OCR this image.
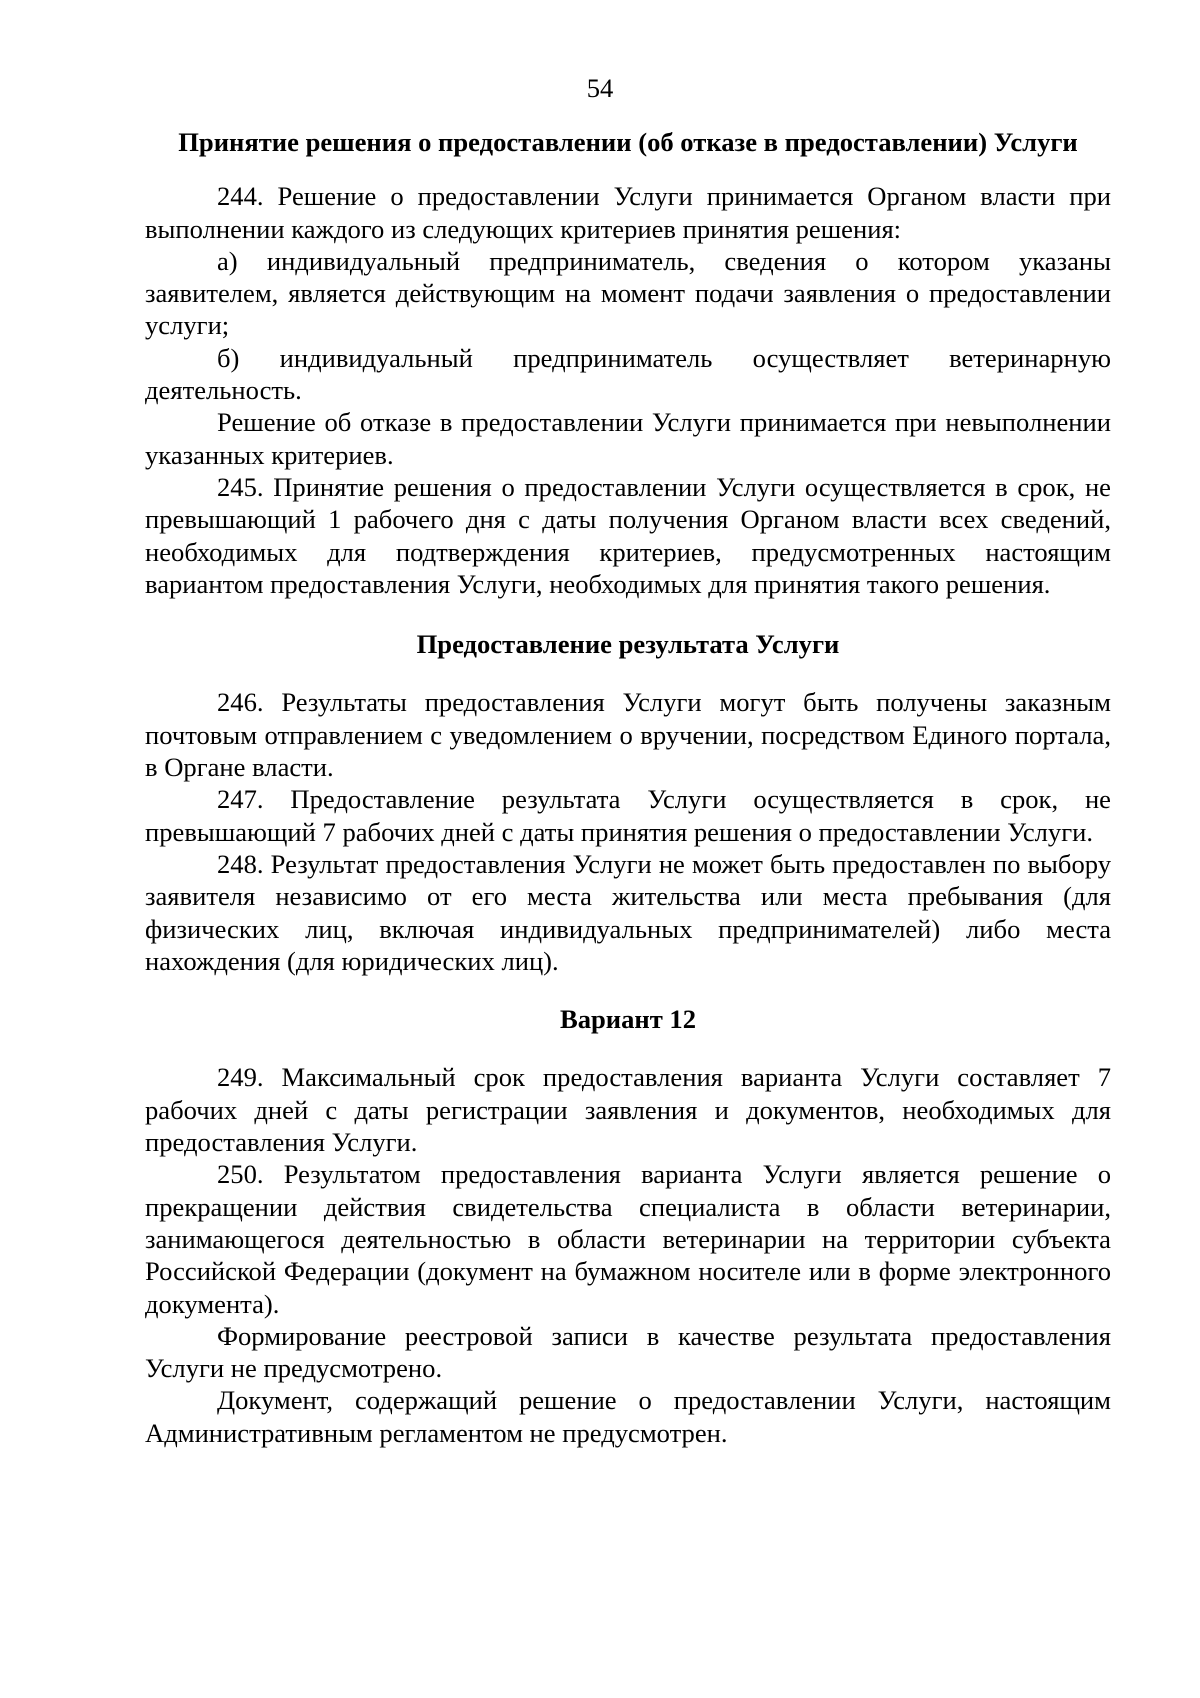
54
Принятие решения о предоставлении (об отказе в предоставлении) Услуги

244. Решение о предоставлении Услуги принимается Органом власти при выполнении каждого из следующих критериев принятия решения:

а) индивидуальный предприниматель, сведения о котором указаны заявителем, является действующим на момент подачи заявления о предоставлении услуги;

б) индивидуальный предприниматель осуществляет ветеринарную деятельность.

Решение об отказе в предоставлении Услуги принимается при невыполнении указанных критериев.

245. Принятие решения о предоставлении Услуги осуществляется в срок, не превышающий 1 рабочего дня с даты получения Органом власти всех сведений, необходимых для подтверждения критериев, предусмотренных настоящим вариантом предоставления Услуги, необходимых для принятия такого решения.

Предоставление результата Услуги

246. Результаты предоставления Услуги могут быть получены заказным почтовым отправлением с уведомлением о вручении, посредством Единого портала, в Органе власти.

247. Предоставление результата Услуги осуществляется в срок, не превышающий 7 рабочих дней с даты принятия решения о предоставлении Услуги.

248. Результат предоставления Услуги не может быть предоставлен по выбору заявителя независимо от его места жительства или места пребывания (для физических лиц, включая индивидуальных предпринимателей) либо места нахождения (для юридических лиц).

Вариант 12

249. Максимальный срок предоставления варианта Услуги составляет 7 рабочих дней с даты регистрации заявления и документов, необходимых для предоставления Услуги.

250. Результатом предоставления варианта Услуги является решение о прекращении действия свидетельства специалиста в области ветеринарии, занимающегося деятельностью в области ветеринарии на территории субъекта Российской Федерации (документ на бумажном носителе или в форме электронного документа).

Формирование реестровой записи в качестве результата предоставления Услуги не предусмотрено.

Документ, содержащий решение о предоставлении Услуги, настоящим Административным регламентом не предусмотрен.
